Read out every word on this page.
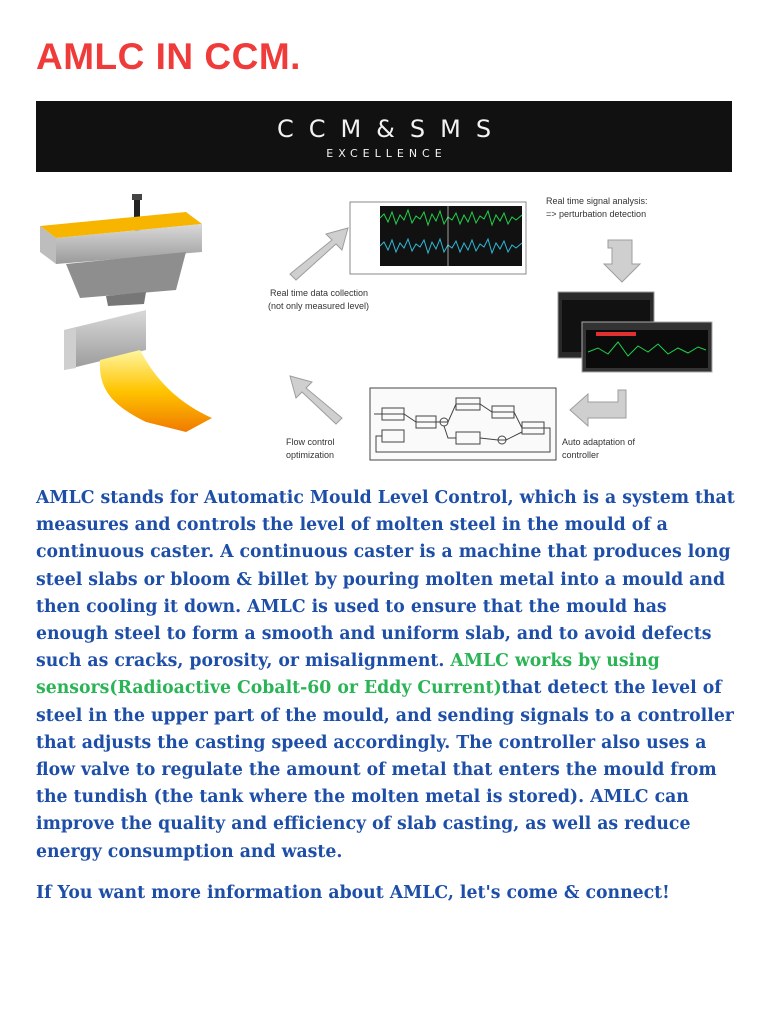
AMLC IN CCM.
CCM&SMS
EXCELLENCE
Real time signal analysis:
=> perturbation detection
Real time data collection
(not only measured level)
Flow control
optimization
Auto adaptation of
controller

AMLC stands for Automatic Mould Level Control, which is a system that measures and controls the level of molten steel in the mould of a continuous caster. A continuous caster is a machine that produces long steel slabs or bloom & billet by pouring molten metal into a mould and then cooling it down. AMLC is used to ensure that the mould has enough steel to form a smooth and uniform slab, and to avoid defects such as cracks, porosity, or misalignment. AMLC works by using sensors(Radioactive Cobalt-60 or Eddy Current)that detect the level of steel in the upper part of the mould, and sending signals to a controller that adjusts the casting speed accordingly. The controller also uses a flow valve to regulate the amount of metal that enters the mould from the tundish (the tank where the molten metal is stored). AMLC can improve the quality and efficiency of slab casting, as well as reduce energy consumption and waste.

If You want more information about AMLC, let's come & connect!
